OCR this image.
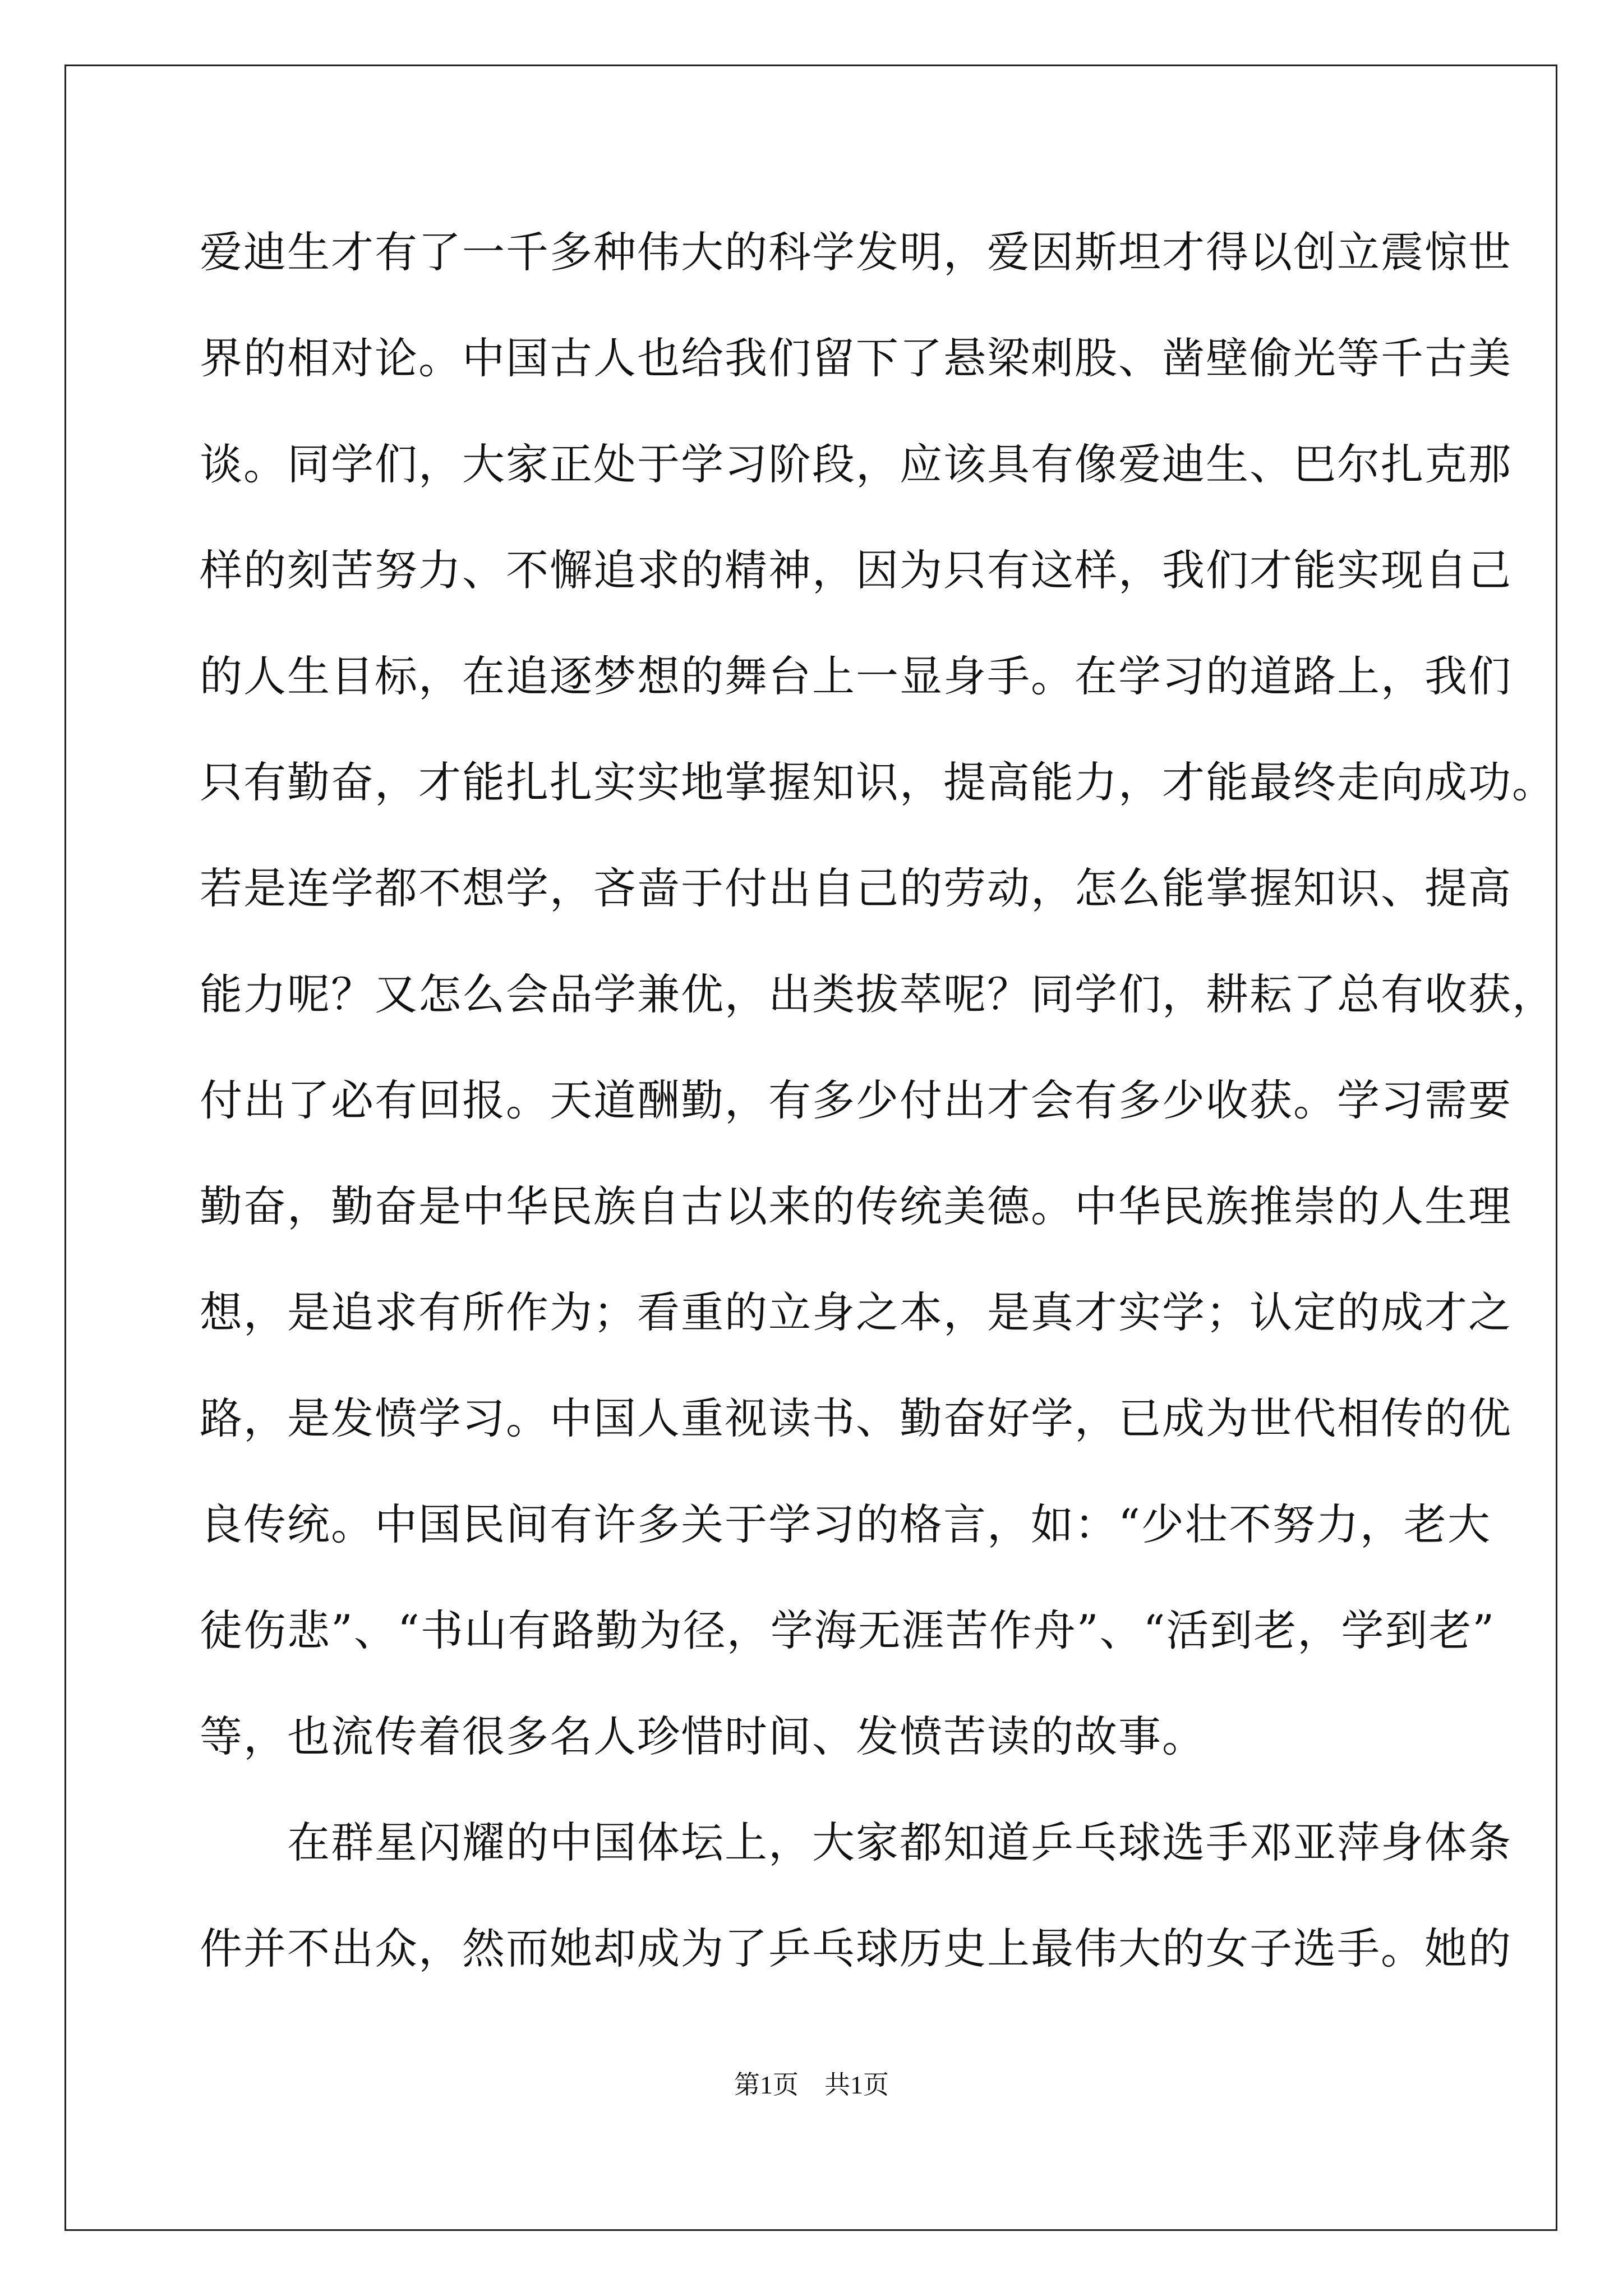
爱迪生才有了一千多种伟大的科学发明，爱因斯坦才得以创立震惊世
界的相对论。中国古人也给我们留下了悬梁刺股、凿壁偷光等千古美
谈。同学们，大家正处于学习阶段，应该具有像爱迪生、巴尔扎克那
样的刻苦努力、不懈追求的精神，因为只有这样，我们才能实现自己
的人生目标，在追逐梦想的舞台上一显身手。在学习的道路上，我们
只有勤奋，才能扎扎实实地掌握知识，提高能力，才能最终走向成功。
若是连学都不想学，吝啬于付出自己的劳动，怎么能掌握知识、提高
能力呢？又怎么会品学兼优，出类拔萃呢？同学们，耕耘了总有收获，
付出了必有回报。天道酬勤，有多少付出才会有多少收获。学习需要
勤奋，勤奋是中华民族自古以来的传统美德。中华民族推崇的人生理
想，是追求有所作为；看重的立身之本，是真才实学；认定的成才之
路，是发愤学习。中国人重视读书、勤奋好学，已成为世代相传的优
良传统。中国民间有许多关于学习的格言，如：“少壮不努力，老大
徒伤悲”、“书山有路勤为径，学海无涯苦作舟”、“活到老，学到老”
等，也流传着很多名人珍惜时间、发愤苦读的故事。
　　在群星闪耀的中国体坛上，大家都知道乒乓球选手邓亚萍身体条
件并不出众，然而她却成为了乒乓球历史上最伟大的女子选手。她的
第1页　共1页
